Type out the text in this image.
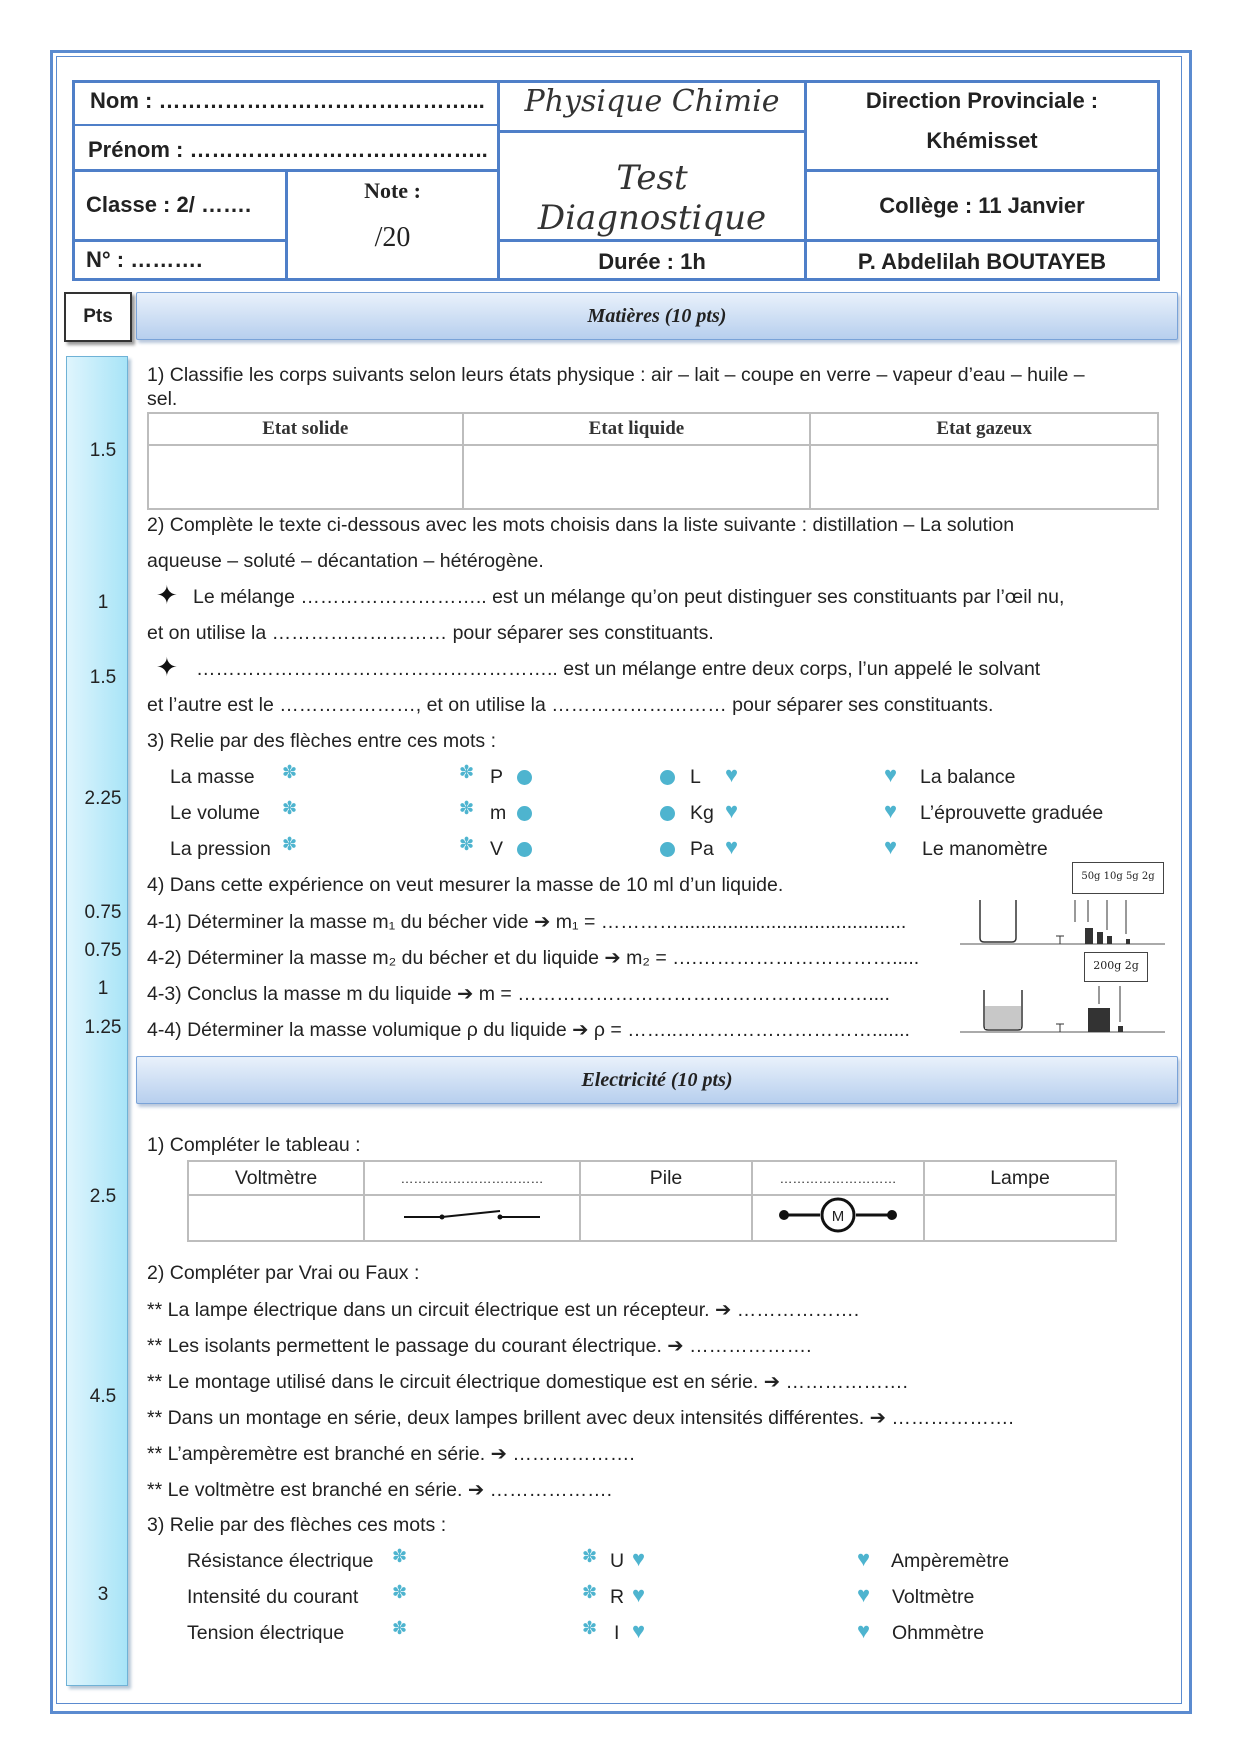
Nom : ……………………………………...
Prénom : …………………………………..
Classe : 2/ …….
N° : ……….
Note :
/20
Physique Chimie
Test Diagnostique
Durée : 1h
Direction Provinciale :
Khémisset
Collège : 11 Janvier
P. Abdelilah BOUTAYEB
Pts
1.5
1
1.5
2.25
0.75
0.75
1
1.25
2.5
4.5
3
Matières (10 pts)
1) Classifie les corps suivants selon leurs états physique : air – lait – coupe en verre – vapeur d’eau – huile –
sel.
Etat solide	Etat liquide	Etat gazeux

2) Complète le texte ci-dessous avec les mots choisis dans la liste suivante : distillation – La solution
aqueuse – soluté – décantation – hétérogène.
✦ Le mélange ……………………….. est un mélange qu’on peut distinguer ses constituants par l’œil nu,
et on utilise la ……………………… pour séparer ses constituants.
✦ ……………………………………………….. est un mélange entre deux corps, l’un appelé le solvant
et l’autre est le …………………, et on utilise la ……………………… pour séparer ses constituants.
3) Relie par des flèches entre ces mots :
La masse
Le volume
La pression
✽
✽
✽
✽
✽
✽
P
m
V
L
Kg
Pa
♥
♥
♥
♥
♥
♥
La balance
L’éprouvette graduée
Le manomètre
4) Dans cette expérience on veut mesurer la masse de 10 ml d’un liquide.
4-1) Déterminer la masse m₁ du bécher vide ➔ m₁ = …………..........................................
4-2) Déterminer la masse m₂ du bécher et du liquide ➔ m₂ = ….………………………….....
4-3) Conclus la masse m du liquide ➔ m = ………………………………………………....
4-4) Déterminer la masse volumique ρ du liquide ➔ ρ = ……..………………………….......
50g 10g 5g 2g
200g 2g
Electricité (10 pts)
1) Compléter le tableau :
Voltmètre	……………………………	Pile	………………………	Lampe

M	

2) Compléter par Vrai ou Faux :
** La lampe électrique dans un circuit électrique est un récepteur. ➔ ……………….
** Les isolants permettent le passage du courant électrique. ➔ ……………….
** Le montage utilisé dans le circuit électrique domestique est en série. ➔ ……………….
** Dans un montage en série, deux lampes brillent avec deux intensités différentes. ➔ ……………….
** L’ampèremètre est branché en série. ➔ ……………….
** Le voltmètre est branché en série. ➔ ……………….
3) Relie par des flèches ces mots :
Résistance électrique
Intensité du courant
Tension électrique
✽
✽
✽
✽
✽
✽
U
R
I
♥
♥
♥
♥
♥
♥
Ampèremètre
Voltmètre
Ohmmètre
